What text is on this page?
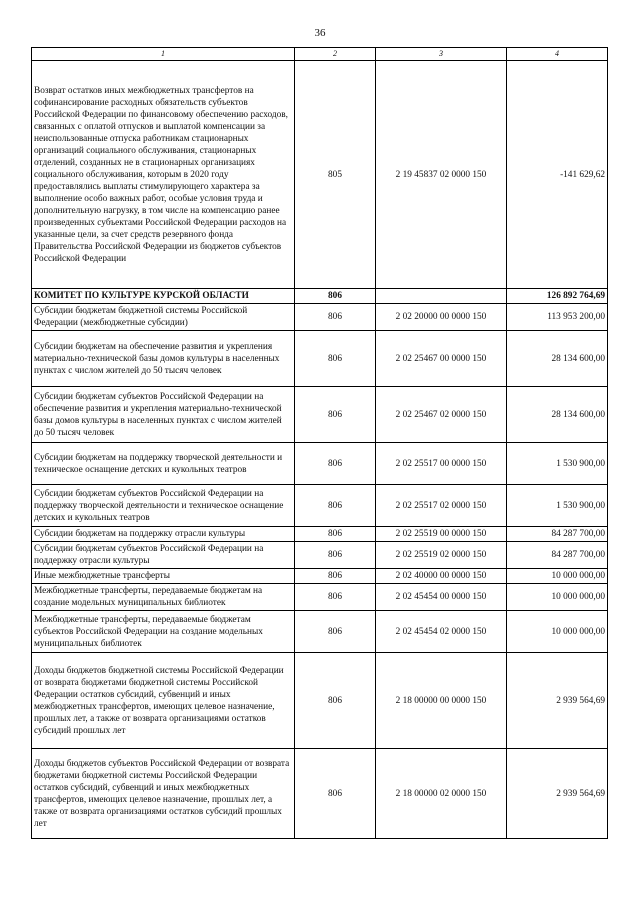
36
1	2	3	4
Возврат остатков иных межбюджетных трансфертов на софинансирование расходных обязательств субъектов Российской Федерации по финансовому обеспечению расходов, связанных с оплатой отпусков и выплатой компенсации за неиспользованные отпуска работникам стационарных организаций социального обслуживания, стационарных отделений, созданных не в стационарных организациях социального обслуживания, которым в 2020 году предоставлялись выплаты стимулирующего характера за выполнение особо важных работ, особые условия труда и дополнительную нагрузку, в том числе на компенсацию ранее произведенных субъектами Российской Федерации расходов на указанные цели, за счет средств резервного фонда Правительства Российской Федерации из бюджетов субъектов Российской Федерации	805	2 19 45837 02 0000 150	-141 629,62
КОМИТЕТ ПО КУЛЬТУРЕ КУРСКОЙ ОБЛАСТИ	806		126 892 764,69
Субсидии бюджетам бюджетной системы Российской Федерации (межбюджетные субсидии)	806	2 02 20000 00 0000 150	113 953 200,00
Субсидии бюджетам на обеспечение развития и укрепления материально-технической базы домов культуры в населенных пунктах с числом жителей до 50 тысяч человек	806	2 02 25467 00 0000 150	28 134 600,00
Субсидии бюджетам субъектов Российской Федерации на обеспечение развития и укрепления материально-технической базы домов культуры в населенных пунктах с числом жителей до 50 тысяч человек	806	2 02 25467 02 0000 150	28 134 600,00
Субсидии бюджетам на поддержку творческой деятельности и техническое оснащение детских и кукольных театров	806	2 02 25517 00 0000 150	1 530 900,00
Субсидии бюджетам субъектов Российской Федерации на поддержку творческой деятельности и техническое оснащение детских и кукольных театров	806	2 02 25517 02 0000 150	1 530 900,00
Субсидии бюджетам на поддержку отрасли культуры	806	2 02 25519 00 0000 150	84 287 700,00
Субсидии бюджетам субъектов Российской Федерации на поддержку отрасли культуры	806	2 02 25519 02 0000 150	84 287 700,00
Иные межбюджетные трансферты	806	2 02 40000 00 0000 150	10 000 000,00
Межбюджетные трансферты, передаваемые бюджетам на создание модельных муниципальных библиотек	806	2 02 45454 00 0000 150	10 000 000,00
Межбюджетные трансферты, передаваемые бюджетам субъектов Российской Федерации на создание модельных муниципальных библиотек	806	2 02 45454 02 0000 150	10 000 000,00
Доходы бюджетов бюджетной системы Российской Федерации от возврата бюджетами бюджетной системы Российской Федерации остатков субсидий, субвенций и иных межбюджетных трансфертов, имеющих целевое назначение, прошлых лет, а также от возврата организациями остатков субсидий прошлых лет	806	2 18 00000 00 0000 150	2 939 564,69
Доходы бюджетов субъектов Российской Федерации от возврата бюджетами бюджетной системы Российской Федерации остатков субсидий, субвенций и иных межбюджетных трансфертов, имеющих целевое назначение, прошлых лет, а также от возврата организациями остатков субсидий прошлых лет	806	2 18 00000 02 0000 150	2 939 564,69
